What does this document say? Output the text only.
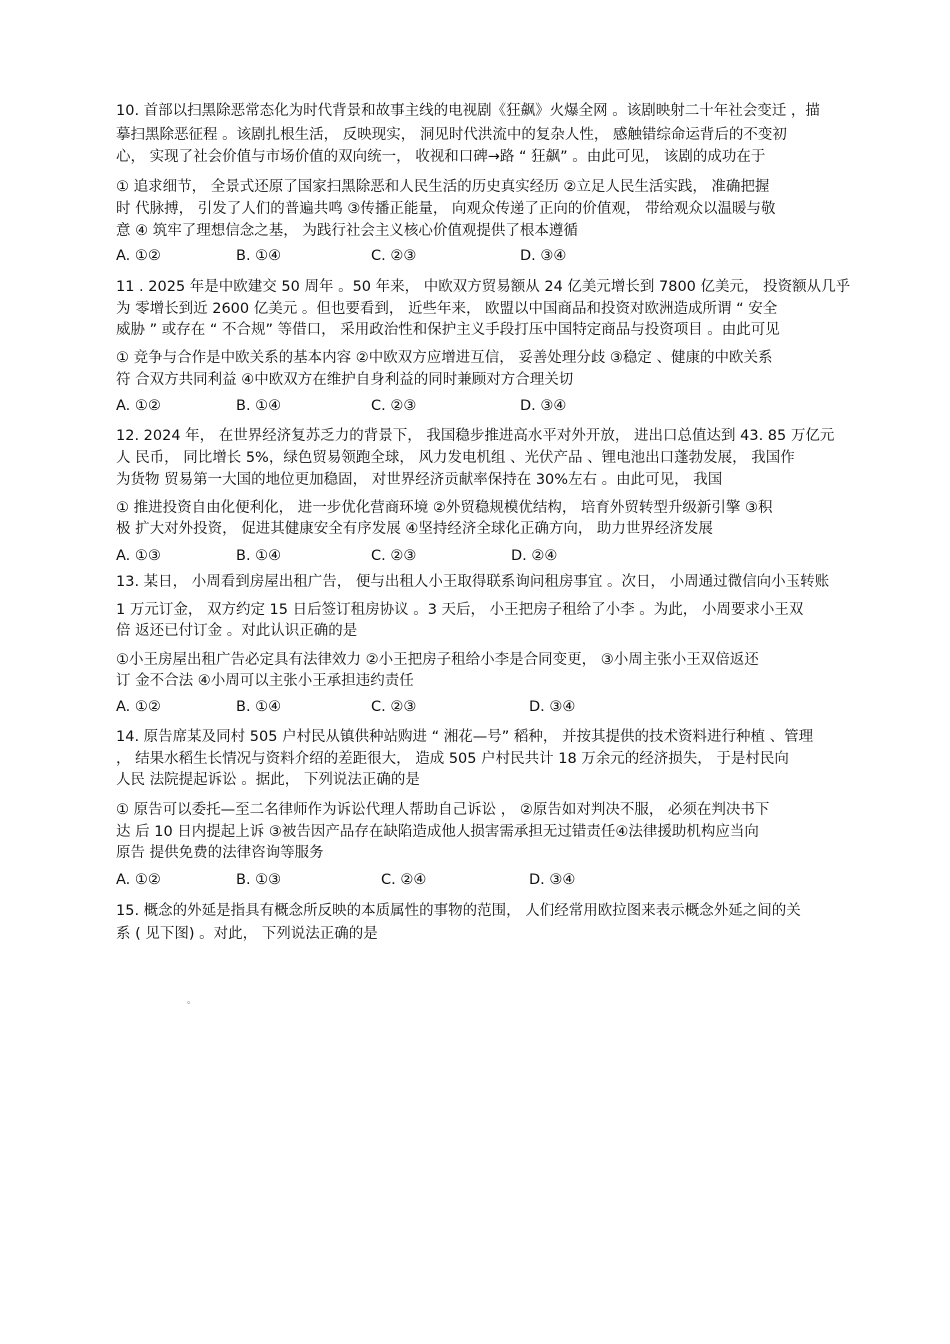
10. 首部以扫黑除恶常态化为时代背景和故事主线的电视剧《狂飙》火爆全网 。该剧映射二十年社会变迁 ，描
摹扫黑除恶征程 。该剧扎根生活， 反映现实， 洞见时代洪流中的复杂人性， 感触错综命运背后的不变初
心， 实现了社会价值与市场价值的双向统一， 收视和口碑→路 “ 狂飙” 。由此可见， 该剧的成功在于
① 追求细节， 全景式还原了国家扫黑除恶和人民生活的历史真实经历 ②立足人民生活实践， 准确把握
时 代脉搏， 引发了人们的普遍共鸣 ③传播正能量， 向观众传递了正向的价值观， 带给观众以温暖与敬
意 ④ 筑牢了理想信念之基， 为践行社会主义核心价值观提供了根本遵循
A. ①②	B. ①④	C. ②③	D. ③④
11 . 2025 年是中欧建交 50 周年 。50 年来， 中欧双方贸易额从 24 亿美元增长到 7800 亿美元， 投资额从几乎
为 零增长到近 2600 亿美元 。但也要看到， 近些年来， 欧盟以中国商品和投资对欧洲造成所谓 “ 安全
威胁 ” 或存在 “ 不合规” 等借口， 采用政治性和保护主义手段打压中国特定商品与投资项目 。由此可见
① 竞争与合作是中欧关系的基本内容 ②中欧双方应增进互信， 妥善处理分歧 ③稳定 、健康的中欧关系
符 合双方共同利益 ④中欧双方在维护自身利益的同时兼顾对方合理关切
A. ①②	B. ①④	C. ②③	D. ③④
12. 2024 年， 在世界经济复苏乏力的背景下， 我国稳步推进高水平对外开放， 进出口总值达到 43. 85 万亿元
人 民币， 同比增长 5%，绿色贸易领跑全球， 风力发电机组 、光伏产品 、锂电池出口蓬勃发展， 我国作
为货物 贸易第一大国的地位更加稳固， 对世界经济贡献率保持在 30%左右 。由此可见， 我国
① 推进投资自由化便利化， 进一步优化营商环境 ②外贸稳规模优结构， 培育外贸转型升级新引擎 ③积
极 扩大对外投资， 促进其健康安全有序发展 ④坚持经济全球化正确方向， 助力世界经济发展
A. ①③	B. ①④	C. ②③	D. ②④
13. 某日， 小周看到房屋出租广告， 便与出租人小王取得联系询问租房事宜 。次日， 小周通过微信向小玉转账
1 万元订金， 双方约定 15 日后签订租房协议 。3 天后， 小王把房子租给了小李 。为此， 小周要求小王双
倍 返还已付订金 。对此认识正确的是
①小王房屋出租广告必定具有法律效力 ②小王把房子租给小李是合同变更， ③小周主张小王双倍返还
订 金不合法 ④小周可以主张小王承担违约责任
A. ①②	B. ①④	C. ②③	D. ③④
14. 原告席某及同村 505 户村民从镇供种站购进 “ 湘花—号” 稻种， 并按其提供的技术资料进行种植 、管理
， 结果水稻生长情况与资料介绍的差距很大， 造成 505 户村民共计 18 万余元的经济损失， 于是村民向
人民 法院提起诉讼 。据此， 下列说法正确的是
① 原告可以委托—至二名律师作为诉讼代理人帮助自己诉讼 ， ②原告如对判决不服， 必须在判决书下
达 后 10 日内提起上诉 ③被告因产品存在缺陷造成他人损害需承担无过错责任④法律援助机构应当向
原告 提供免费的法律咨询等服务
A. ①②	B. ①③	C. ②④	D. ③④
15. 概念的外延是指具有概念所反映的本质属性的事物的范围， 人们经常用欧拉图来表示概念外延之间的关
系 ( 见下图) 。对此， 下列说法正确的是
。
